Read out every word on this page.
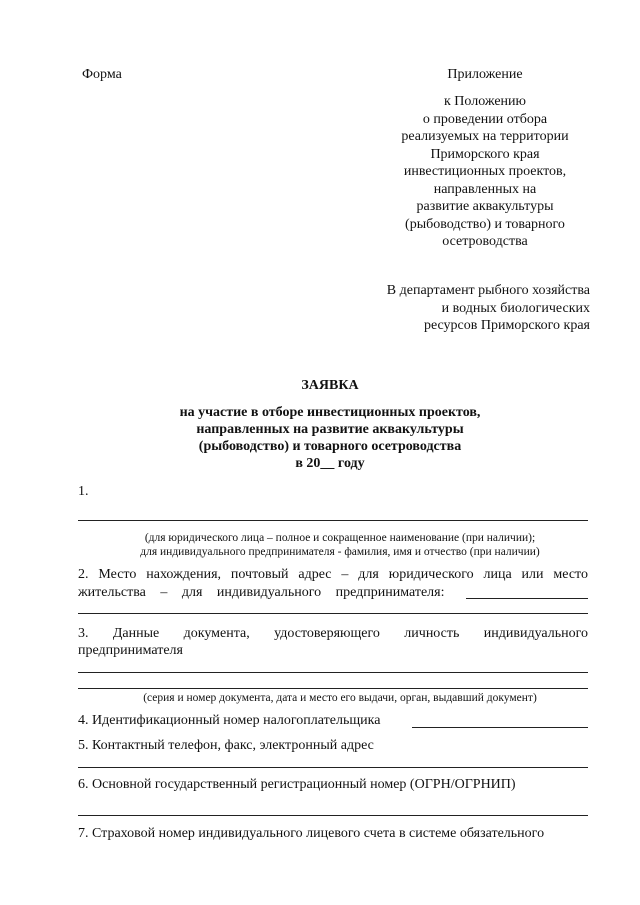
Форма	Приложение
к Положению
о проведении отбора
реализуемых на территории
Приморского края
инвестиционных проектов,
направленных на
развитие аквакультуры
(рыбоводство) и товарного
осетроводства
В департамент рыбного хозяйства
и водных биологических
ресурсов Приморского края
ЗАЯВКА
на участие в отборе инвестиционных проектов,
направленных на развитие аквакультуры
(рыбоводство) и товарного осетроводства
в 20__ году
1.
(для юридического лица – полное и сокращенное наименование (при наличии);
для индивидуального предпринимателя - фамилия, имя и отчество (при наличии)
2. Место нахождения, почтовый адрес – для юридического лица или место
жительства – для индивидуального предпринимателя:
3. Данные документа, удостоверяющего личность индивидуального
предпринимателя
(серия и номер документа, дата и место его выдачи, орган, выдавший документ)
4. Идентификационный номер налогоплательщика
5. Контактный телефон, факс, электронный адрес
6. Основной государственный регистрационный номер (ОГРН/ОГРНИП)
7. Страховой номер индивидуального лицевого счета в системе обязательного
